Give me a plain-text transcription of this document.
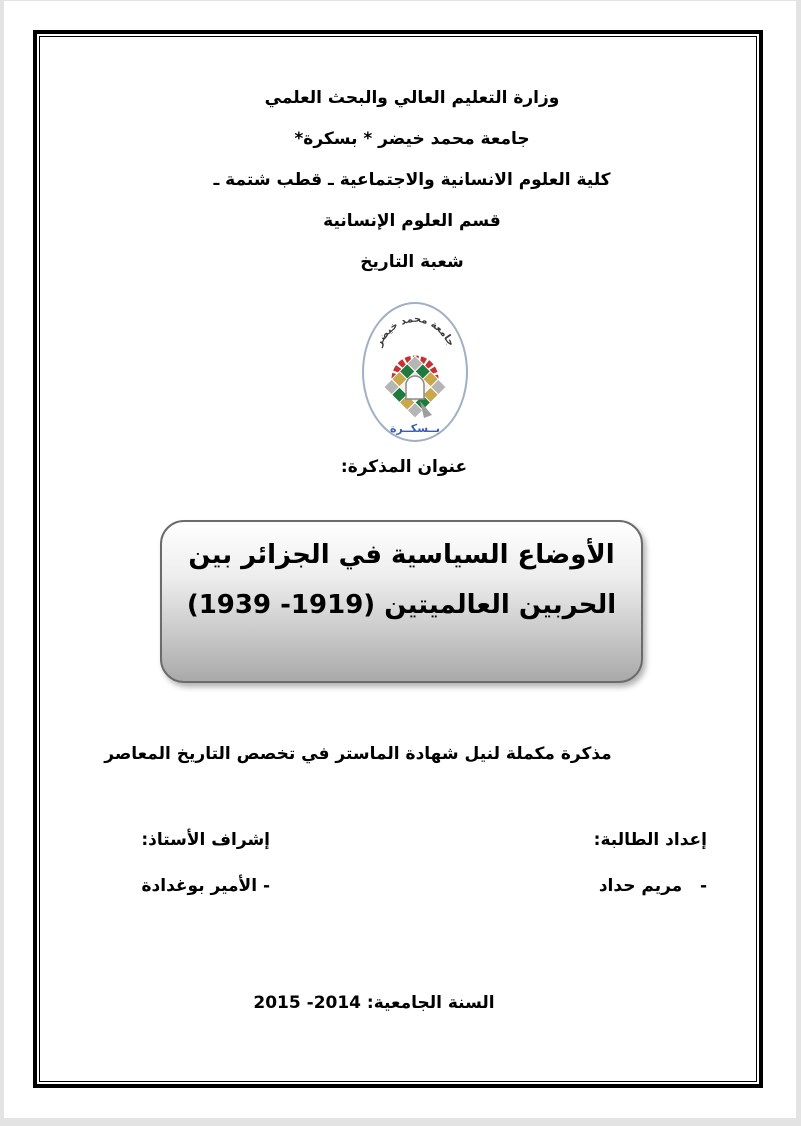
وزارة التعليم العالي والبحث العلمي
جامعة محمد خيضر * بسكرة*
كلية العلوم الانسانية والاجتماعية ـ قطب شتمة ـ
قسم العلوم الإنسانية
شعبة التاريخ
جامعة محمد خيضر
بــسكــرة
عنوان المذكرة:
الأوضاع السياسية في الجزائر بين
الحربين العالميتين (1919- 1939)
مذكرة مكملة لنيل شهادة الماستر في تخصص التاريخ المعاصر
إعداد الطالبة:
-   مريم حداد
إشراف الأستاذ:
- الأمير بوغدادة
السنة الجامعية: 2014- 2015
